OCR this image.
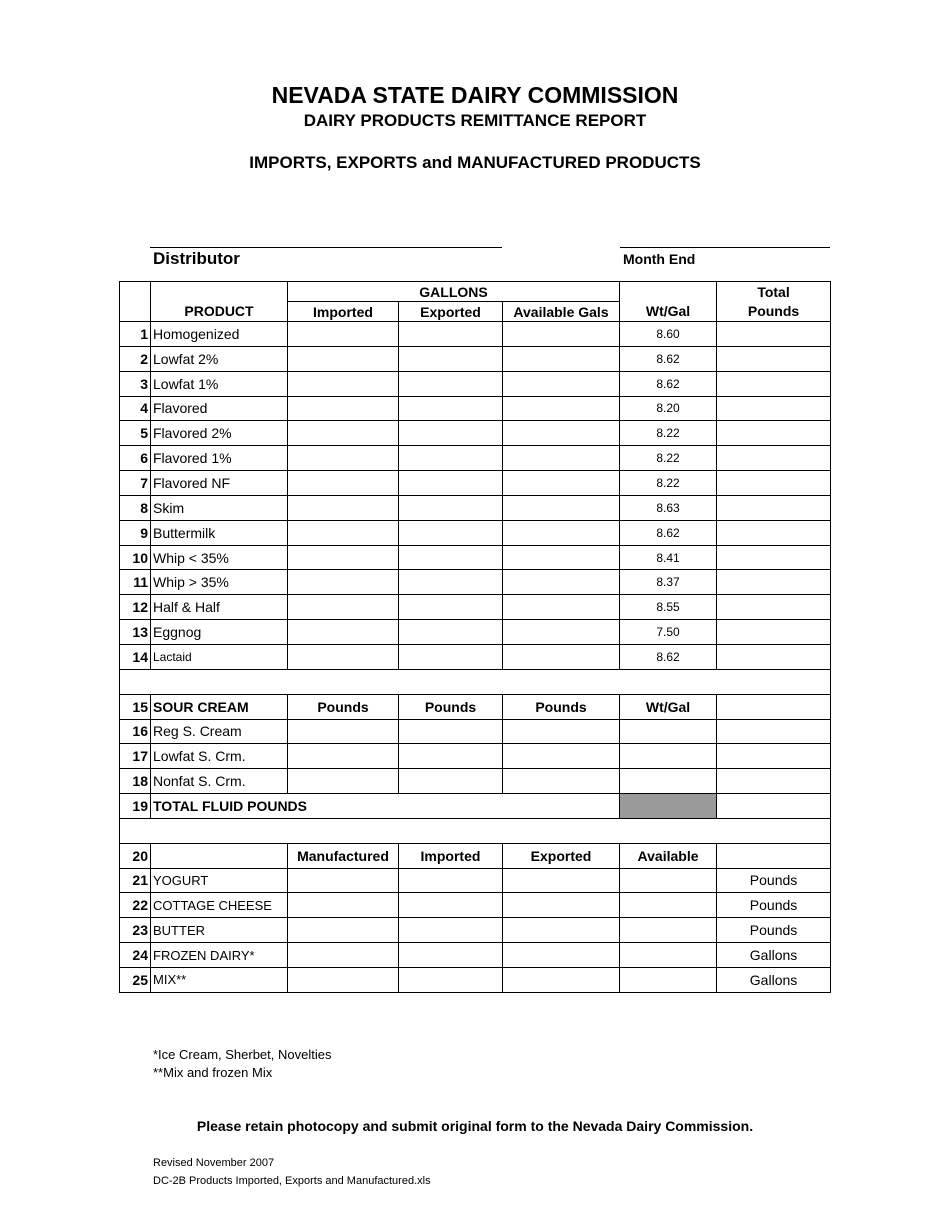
NEVADA STATE DAIRY COMMISSION
DAIRY PRODUCTS REMITTANCE REPORT
IMPORTS, EXPORTS and MANUFACTURED PRODUCTS
Distributor	Month End
		GALLONS				Total
	PRODUCT	Imported	Exported	Available Gals	Wt/Gal	Pounds
1	Homogenized				8.60	
2	Lowfat 2%				8.62	
3	Lowfat 1%				8.62	
4	Flavored				8.20	
5	Flavored 2%				8.22	
6	Flavored 1%				8.22	
7	Flavored NF				8.22	
8	Skim				8.63	
9	Buttermilk				8.62	
10	Whip < 35%				8.41	
11	Whip > 35%				8.37	
12	Half & Half				8.55	
13	Eggnog				7.50	
14	Lactaid				8.62	

15	SOUR CREAM	Pounds	Pounds	Pounds	Wt/Gal	
16	Reg S. Cream					
17	Lowfat S. Crm.					
18	Nonfat S. Crm.					
19	TOTAL FLUID POUNDS		

20		Manufactured	Imported	Exported	Available	
21	YOGURT					Pounds
22	COTTAGE CHEESE					Pounds
23	BUTTER					Pounds
24	FROZEN DAIRY*					Gallons
25	MIX**					Gallons
*Ice Cream, Sherbet, Novelties
**Mix and frozen Mix
Please retain photocopy and submit original form to the Nevada Dairy Commission.
Revised November 2007
DC-2B Products Imported, Exports and Manufactured.xls
